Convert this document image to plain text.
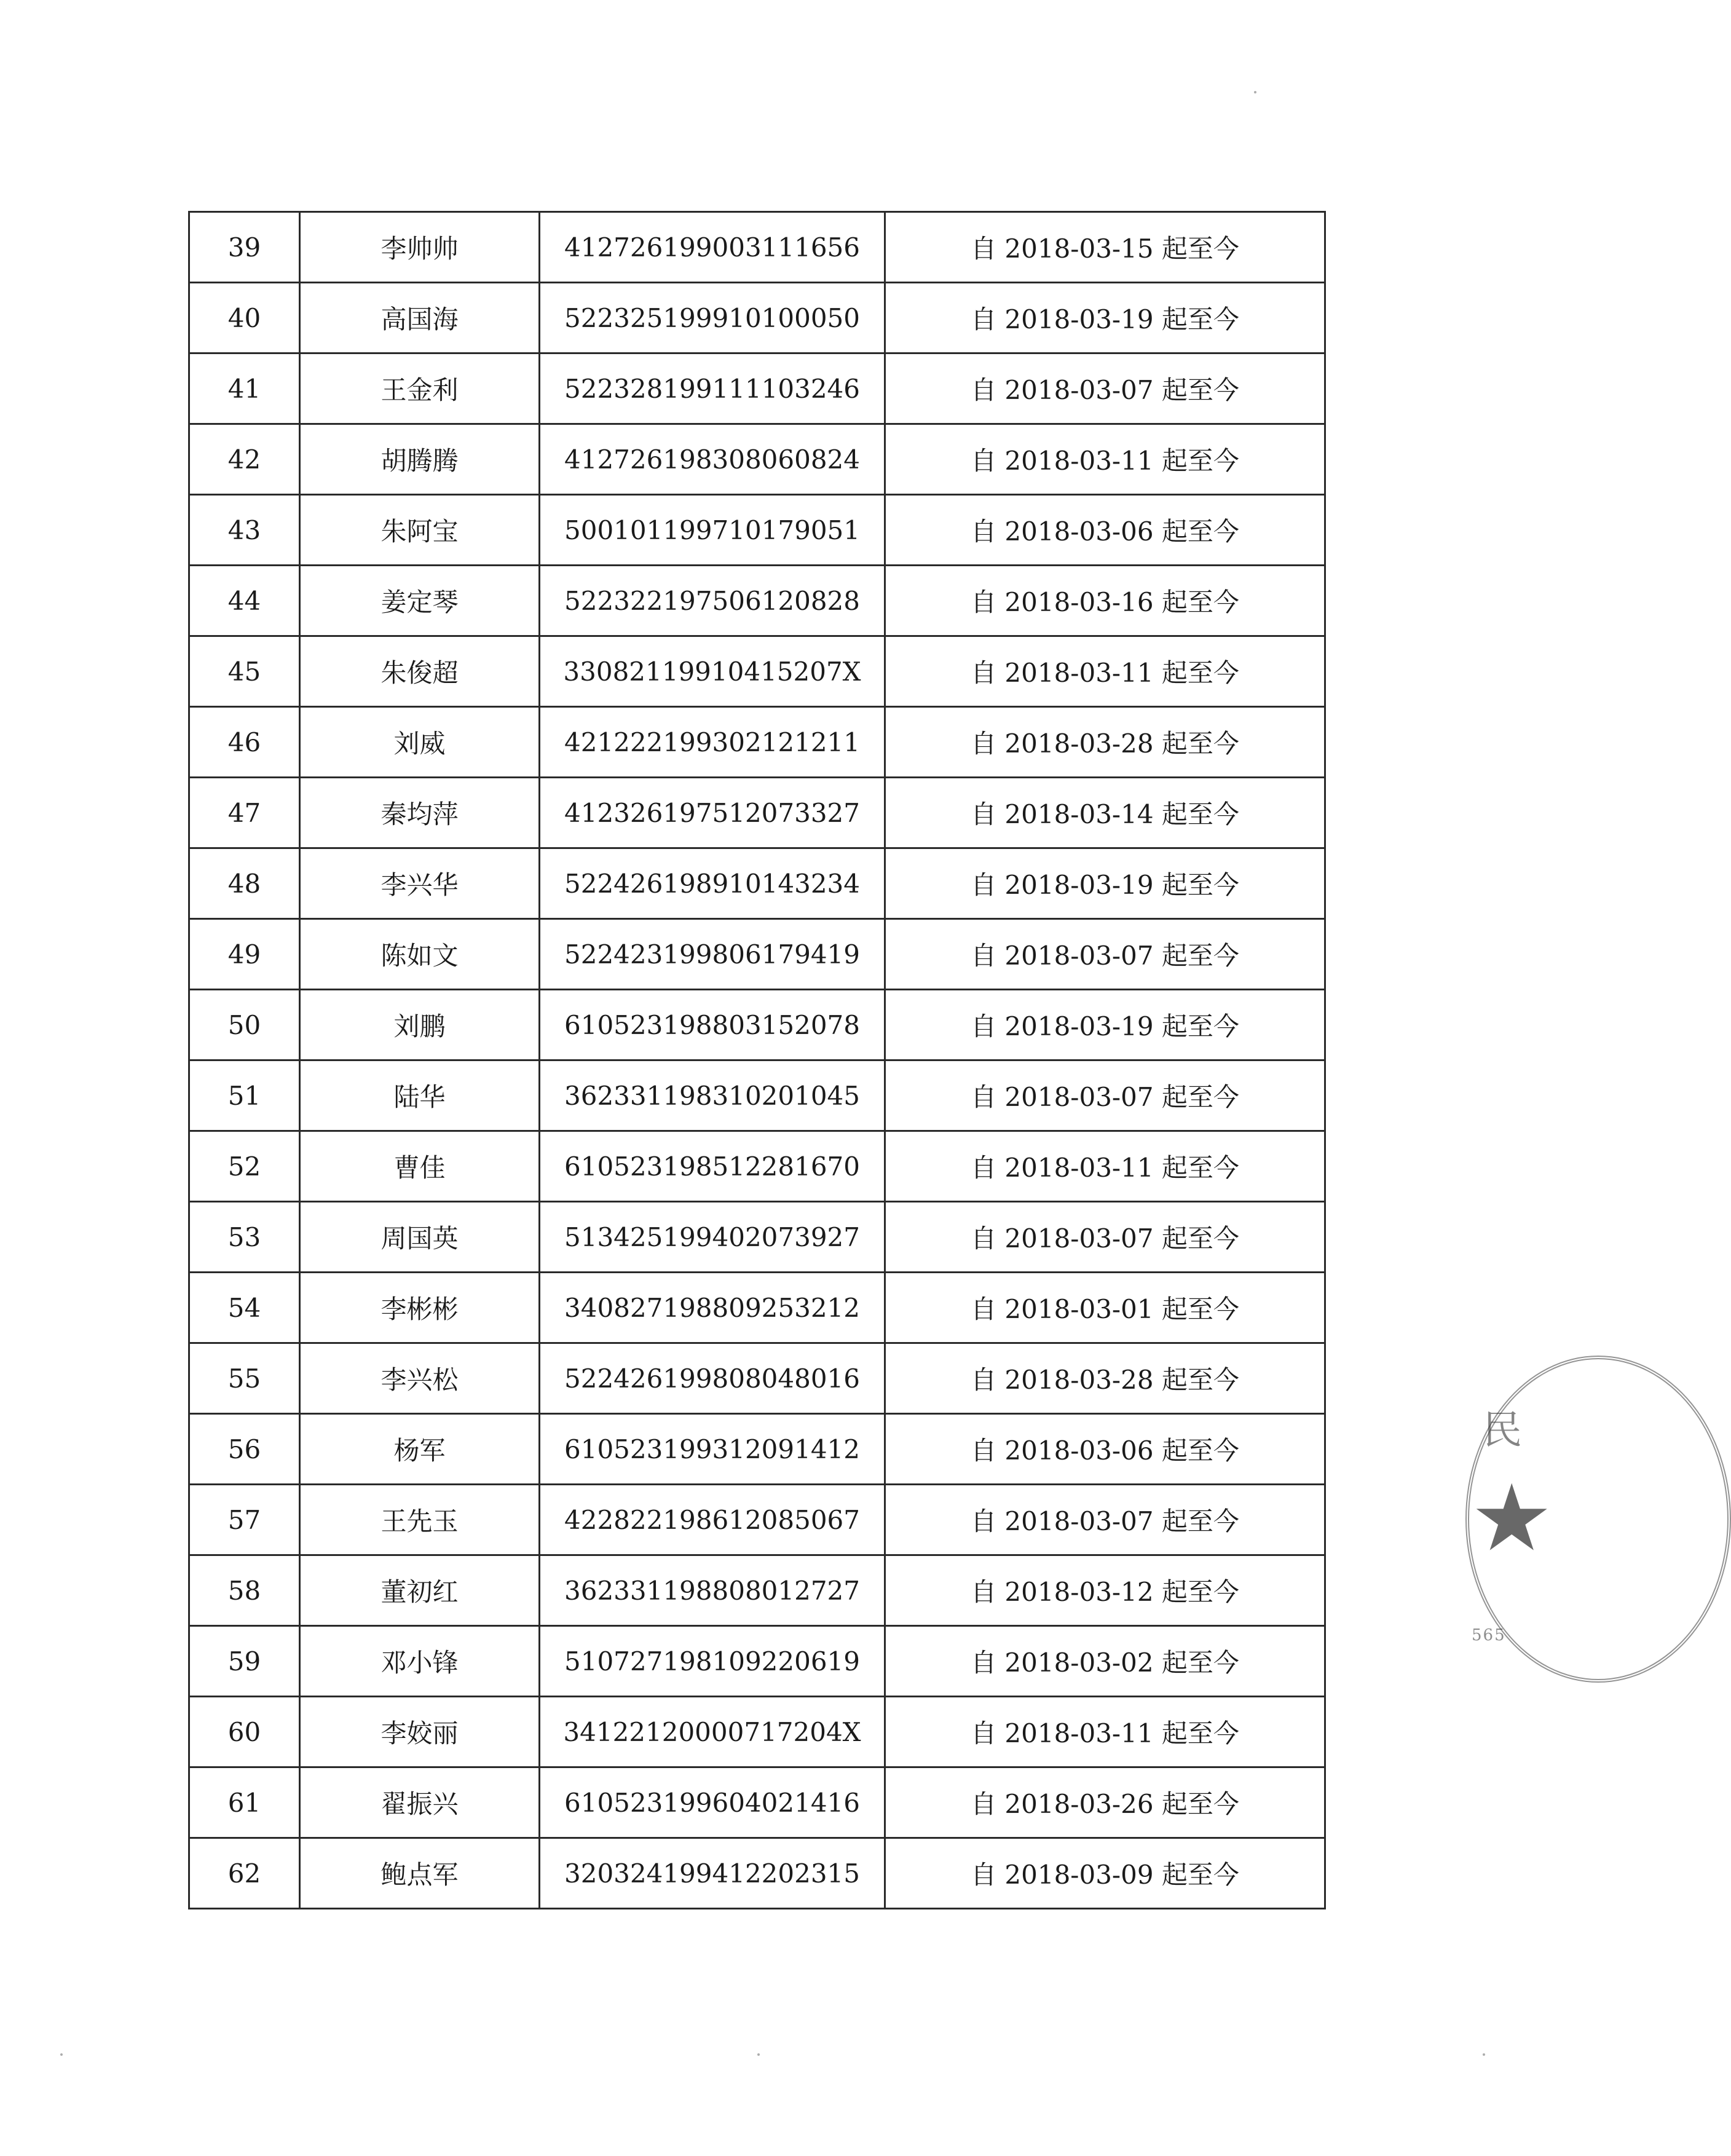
39	李帅帅	412726199003111656	自 2018-03-15 起至今
40	高国海	522325199910100050	自 2018-03-19 起至今
41	王金利	522328199111103246	自 2018-03-07 起至今
42	胡腾腾	412726198308060824	自 2018-03-11 起至今
43	朱阿宝	500101199710179051	自 2018-03-06 起至今
44	姜定琴	522322197506120828	自 2018-03-16 起至今
45	朱俊超	33082119910415207X	自 2018-03-11 起至今
46	刘威	421222199302121211	自 2018-03-28 起至今
47	秦均萍	412326197512073327	自 2018-03-14 起至今
48	李兴华	522426198910143234	自 2018-03-19 起至今
49	陈如文	522423199806179419	自 2018-03-07 起至今
50	刘鹏	610523198803152078	自 2018-03-19 起至今
51	陆华	362331198310201045	自 2018-03-07 起至今
52	曹佳	610523198512281670	自 2018-03-11 起至今
53	周国英	513425199402073927	自 2018-03-07 起至今
54	李彬彬	340827198809253212	自 2018-03-01 起至今
55	李兴松	522426199808048016	自 2018-03-28 起至今
56	杨军	610523199312091412	自 2018-03-06 起至今
57	王先玉	422822198612085067	自 2018-03-07 起至今
58	董初红	362331198808012727	自 2018-03-12 起至今
59	邓小锋	510727198109220619	自 2018-03-02 起至今
60	李姣丽	34122120000717204X	自 2018-03-11 起至今
61	翟振兴	610523199604021416	自 2018-03-26 起至今
62	鲍点军	320324199412202315	自 2018-03-09 起至今
民
★
565
